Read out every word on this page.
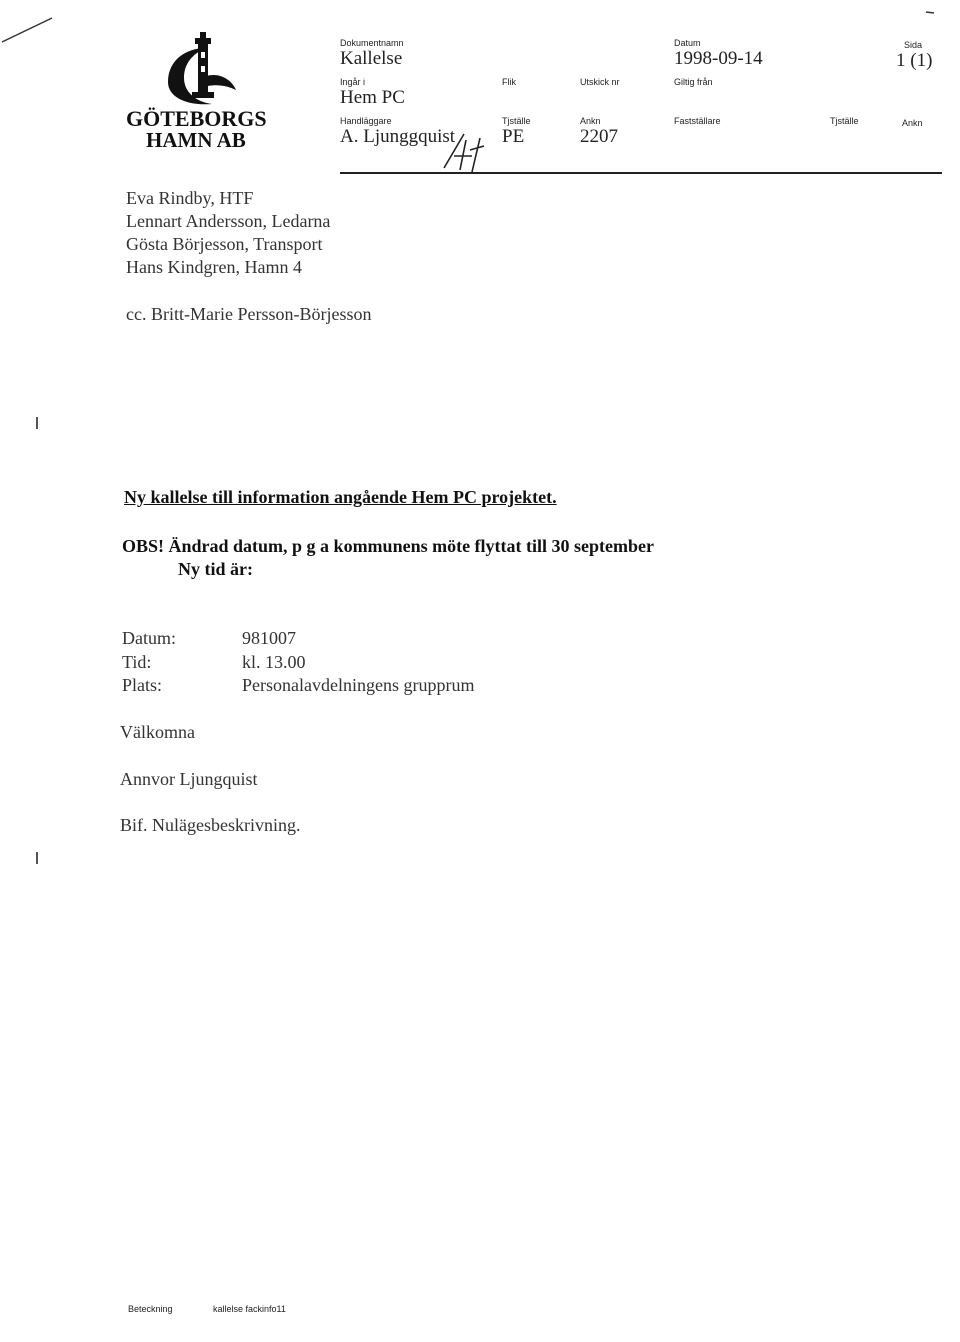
GÖTEBORGS
HAMN AB
Dokumentnamn
Kallelse
Ingår i
Hem PC
Flik	Utskick nr
Handläggare
A. Ljunggquist
Tjställe
PE
Ankn
2207
Datum
1998-09-14
Giltig från
Fastställare	Tjställe	Ankn
Sida
1 (1)
Eva Rindby, HTF
Lennart Andersson, Ledarna
Gösta Börjesson, Transport
Hans Kindgren, Hamn 4
cc. Britt-Marie Persson-Börjesson
Ny kallelse till information angående Hem PC projektet.
OBS! Ändrad datum, p g a kommunens möte flyttat till 30 september
Ny tid är:
Datum:	981007
Tid:	kl. 13.00
Plats:	Personalavdelningens grupprum
Välkomna
Annvor Ljungquist
Bif. Nulägesbeskrivning.
Beteckning	kallelse fackinfo11
